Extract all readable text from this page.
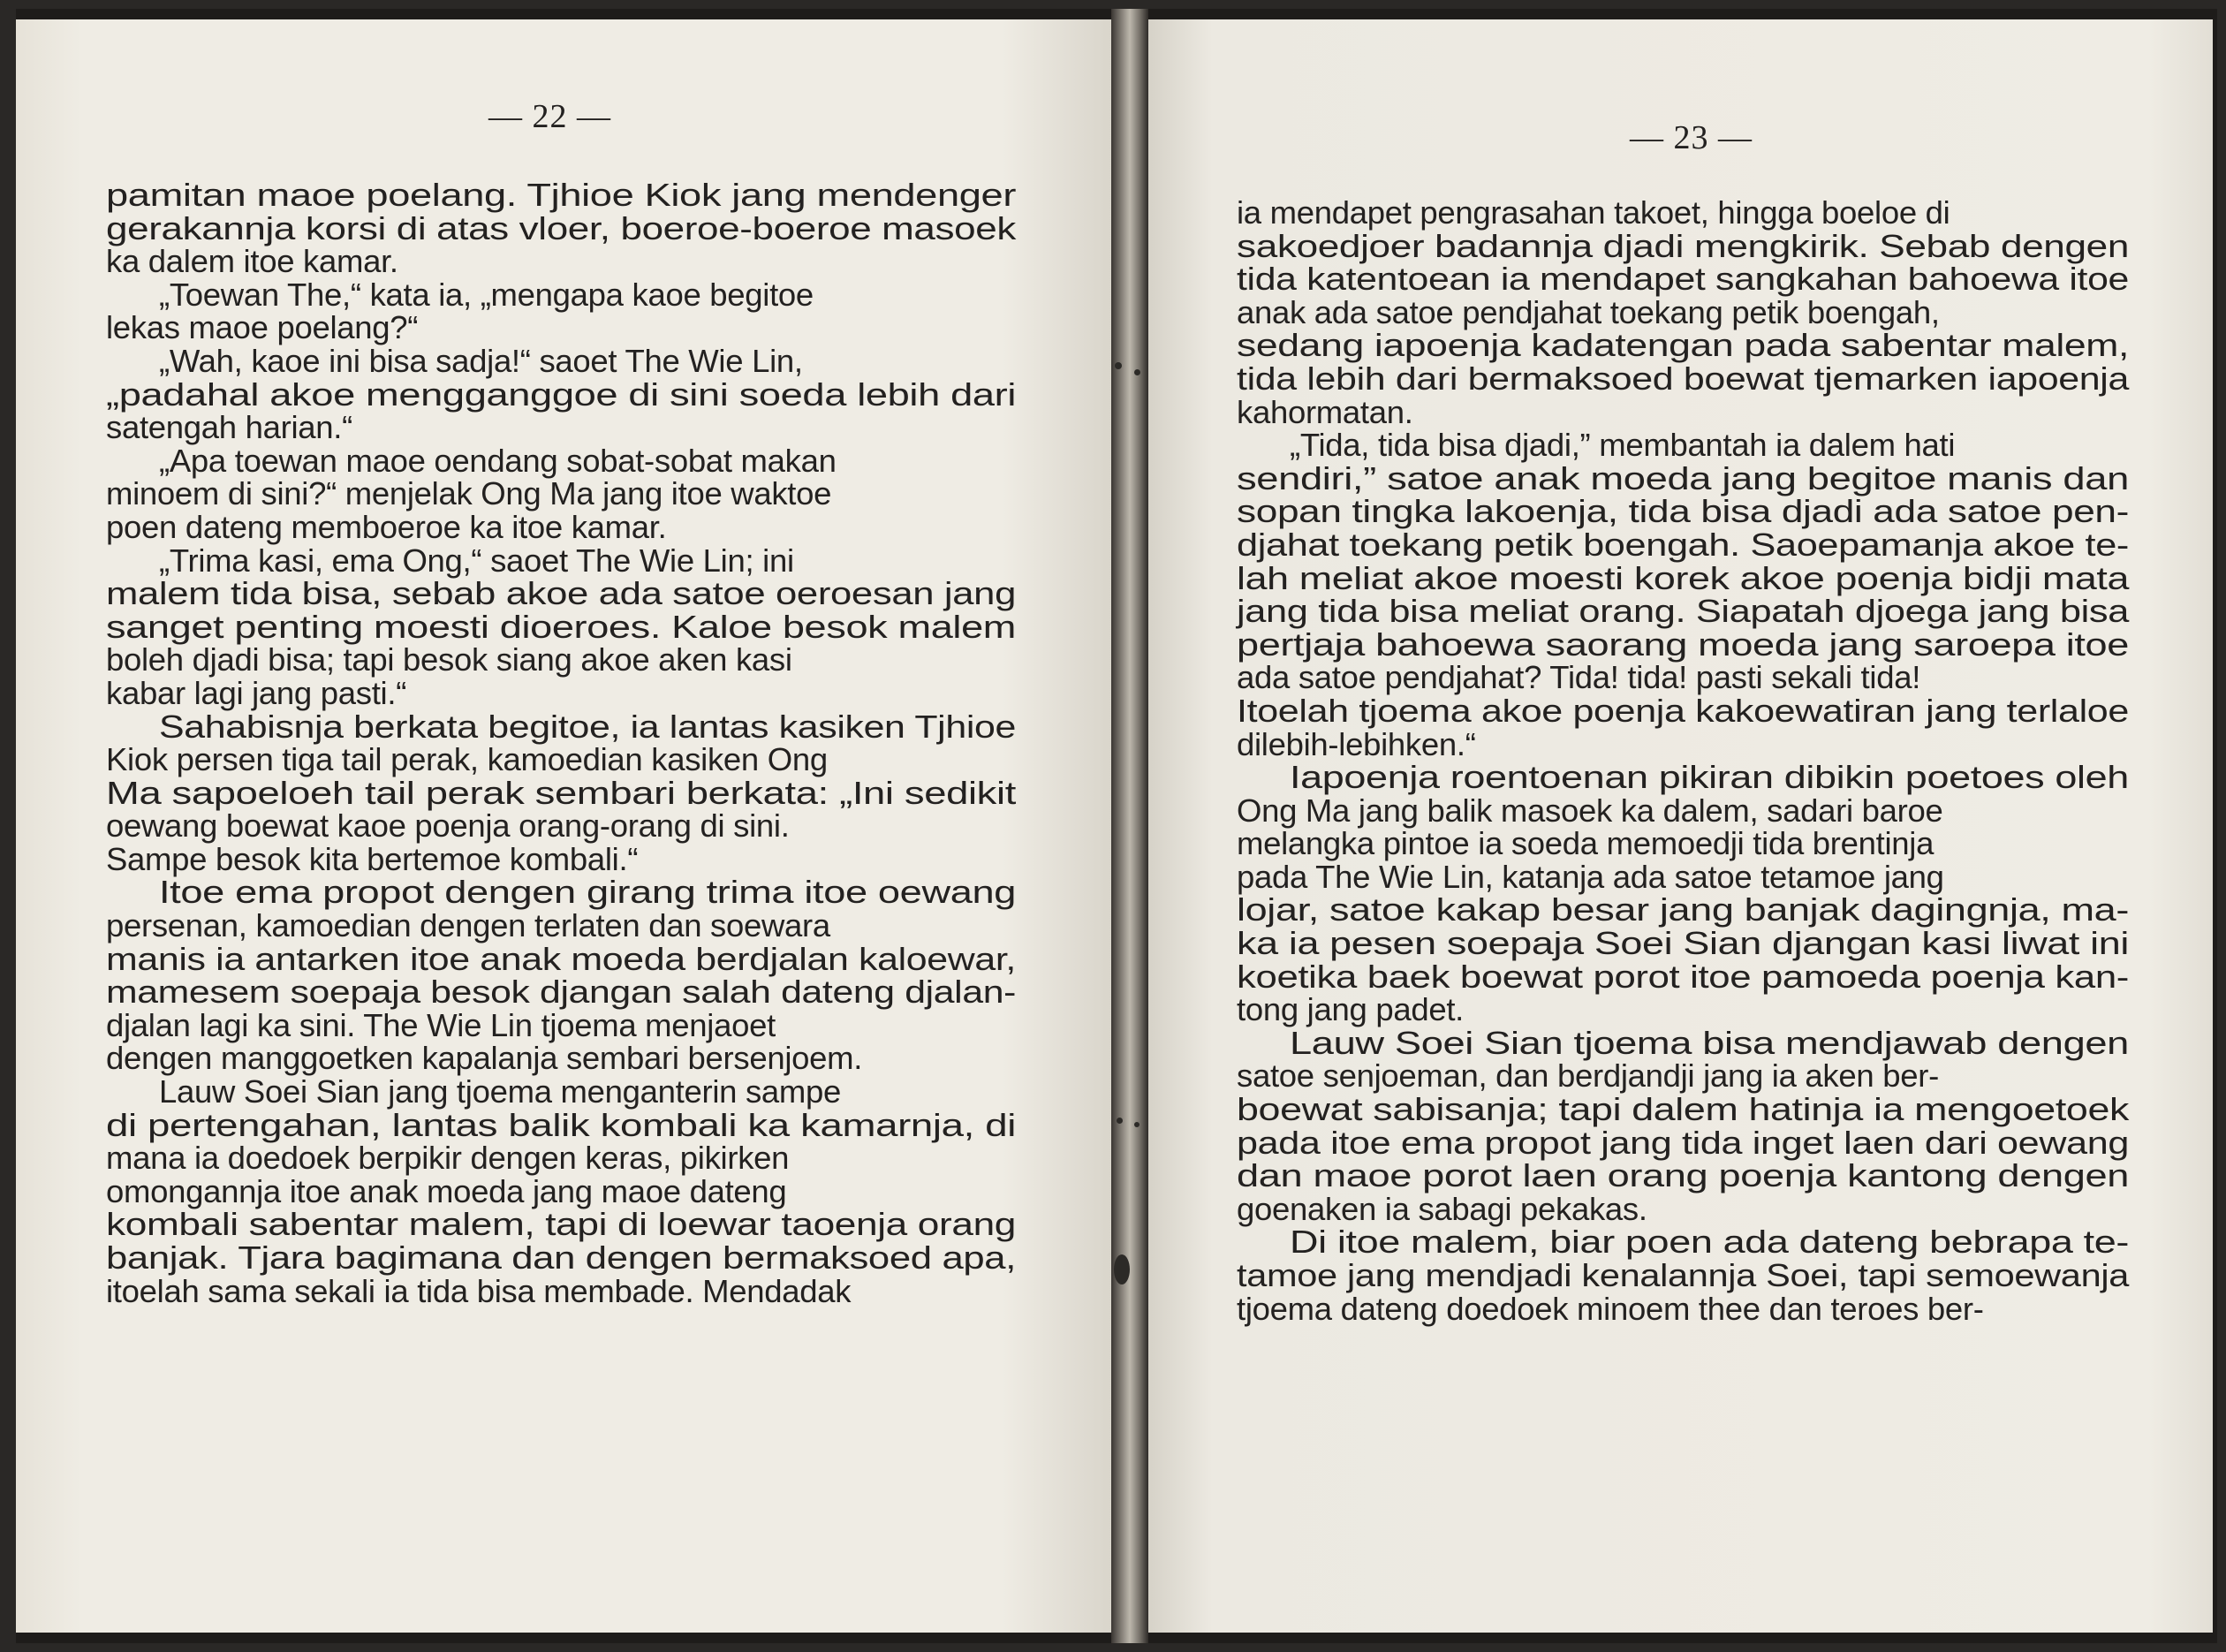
— 22 —
pamitan maoe poelang. Tjhioe Kiok jang mendenger
gerakannja korsi di atas vloer, boeroe-boeroe masoek
ka dalem itoe kamar.
„Toewan The,“ kata ia, „mengapa kaoe begitoe
lekas maoe poelang?“
„Wah, kaoe ini bisa sadja!“ saoet The Wie Lin,
„padahal akoe mengganggoe di sini soeda lebih dari
satengah harian.“
„Apa toewan maoe oendang sobat-sobat makan
minoem di sini?“ menjelak Ong Ma jang itoe waktoe
poen dateng memboeroe ka itoe kamar.
„Trima kasi, ema Ong,“ saoet The Wie Lin; ini
malem tida bisa, sebab akoe ada satoe oeroesan jang
sanget penting moesti dioeroes. Kaloe besok malem
boleh djadi bisa; tapi besok siang akoe aken kasi
kabar lagi jang pasti.“
Sahabisnja berkata begitoe, ia lantas kasiken Tjhioe
Kiok persen tiga tail perak, kamoedian kasiken Ong
Ma sapoeloeh tail perak sembari berkata: „Ini sedikit
oewang boewat kaoe poenja orang-orang di sini.
Sampe besok kita bertemoe kombali.“
Itoe ema propot dengen girang trima itoe oewang
persenan, kamoedian dengen terlaten dan soewara
manis ia antarken itoe anak moeda berdjalan kaloewar,
mamesem soepaja besok djangan salah dateng djalan-
djalan lagi ka sini. The Wie Lin tjoema menjaoet
dengen manggoetken kapalanja sembari bersenjoem.
Lauw Soei Sian jang tjoema menganterin sampe
di pertengahan, lantas balik kombali ka kamarnja, di
mana ia doedoek berpikir dengen keras, pikirken
omongannja itoe anak moeda jang maoe dateng
kombali sabentar malem, tapi di loewar taoenja orang
banjak. Tjara bagimana dan dengen bermaksoed apa,
itoelah sama sekali ia tida bisa membade. Mendadak
— 23 —
ia mendapet pengrasahan takoet, hingga boeloe di
sakoedjoer badannja djadi mengkirik. Sebab dengen
tida katentoean ia mendapet sangkahan bahoewa itoe
anak ada satoe pendjahat toekang petik boengah,
sedang iapoenja kadatengan pada sabentar malem,
tida lebih dari bermaksoed boewat tjemarken iapoenja
kahormatan.
„Tida, tida bisa djadi,” membantah ia dalem hati
sendiri,” satoe anak moeda jang begitoe manis dan
sopan tingka lakoenja, tida bisa djadi ada satoe pen-
djahat toekang petik boengah. Saoepamanja akoe te-
lah meliat akoe moesti korek akoe poenja bidji mata
jang tida bisa meliat orang. Siapatah djoega jang bisa
pertjaja bahoewa saorang moeda jang saroepa itoe
ada satoe pendjahat? Tida! tida! pasti sekali tida!
Itoelah tjoema akoe poenja kakoewatiran jang terlaloe
dilebih-lebihken.“
Iapoenja roentoenan pikiran dibikin poetoes oleh
Ong Ma jang balik masoek ka dalem, sadari baroe
melangka pintoe ia soeda memoedji tida brentinja
pada The Wie Lin, katanja ada satoe tetamoe jang
lojar, satoe kakap besar jang banjak dagingnja, ma-
ka ia pesen soepaja Soei Sian djangan kasi liwat ini
koetika baek boewat porot itoe pamoeda poenja kan-
tong jang padet.
Lauw Soei Sian tjoema bisa mendjawab dengen
satoe senjoeman, dan berdjandji jang ia aken ber-
boewat sabisanja; tapi dalem hatinja ia mengoetoek
pada itoe ema propot jang tida inget laen dari oewang
dan maoe porot laen orang poenja kantong dengen
goenaken ia sabagi pekakas.
Di itoe malem, biar poen ada dateng bebrapa te-
tamoe jang mendjadi kenalannja Soei, tapi semoewanja
tjoema dateng doedoek minoem thee dan teroes ber-
